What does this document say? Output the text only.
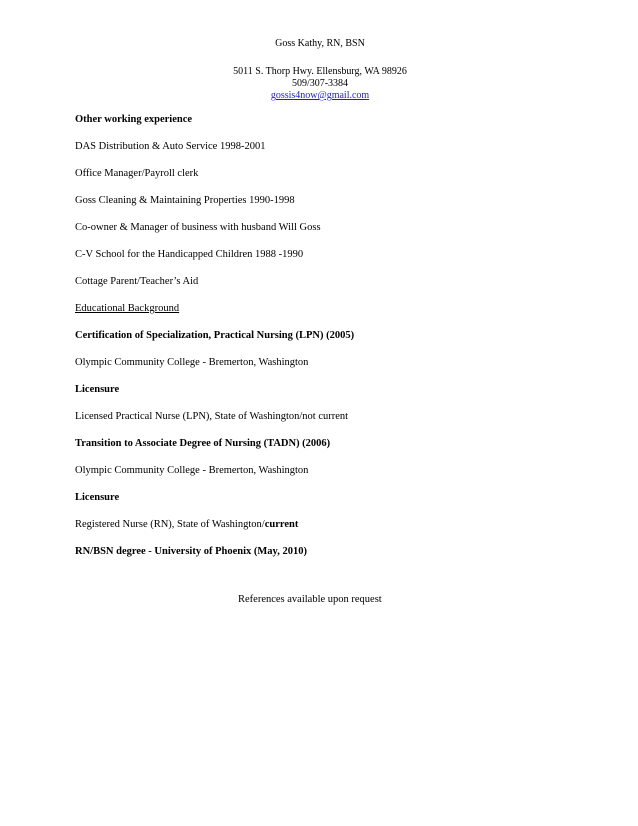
Goss Kathy, RN, BSN
5011 S. Thorp Hwy. Ellensburg, WA 98926
509/307-3384
gossis4now@gmail.com
Other working experience
DAS Distribution & Auto Service 1998-2001
Office Manager/Payroll clerk
Goss Cleaning & Maintaining Properties 1990-1998
Co-owner & Manager of business with husband Will Goss
C-V School for the Handicapped Children 1988 -1990
Cottage Parent/Teacher’s Aid
Educational Background
Certification of Specialization, Practical Nursing (LPN) (2005)
Olympic Community College - Bremerton, Washington
Licensure
Licensed Practical Nurse (LPN), State of Washington/not current
Transition to Associate Degree of Nursing (TADN) (2006)
Olympic Community College - Bremerton, Washington
Licensure
Registered Nurse (RN), State of Washington/current
RN/BSN degree - University of Phoenix (May, 2010)
References available upon request
